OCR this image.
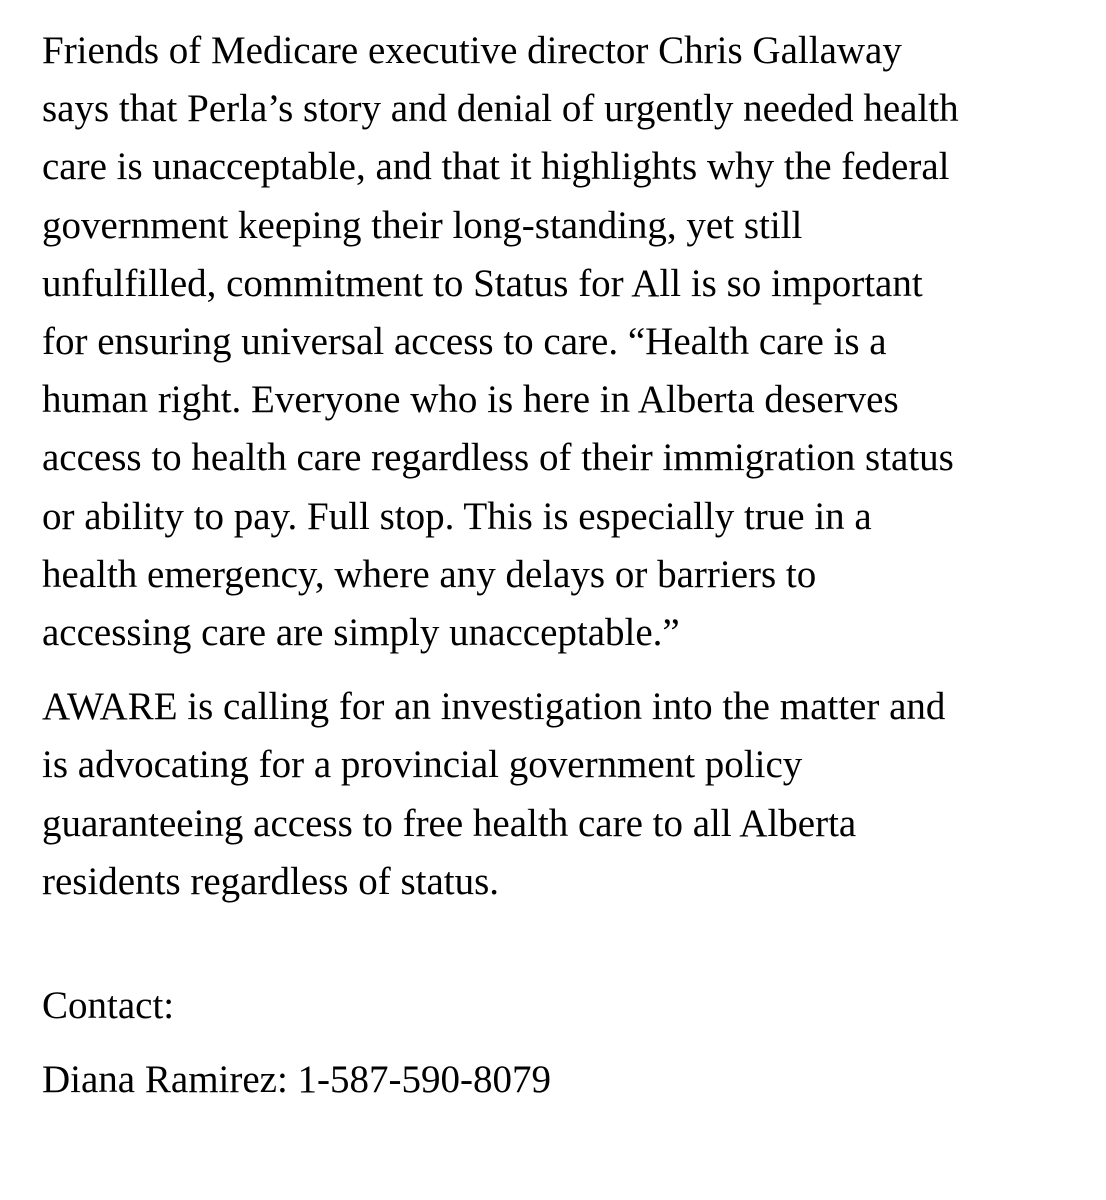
Friends of Medicare executive director Chris Gallaway
says that Perla’s story and denial of urgently needed health
care is unacceptable, and that it highlights why the federal
government keeping their long-standing, yet still
unfulfilled, commitment to Status for All is so important
for ensuring universal access to care. “Health care is a
human right. Everyone who is here in Alberta deserves
access to health care regardless of their immigration status
or ability to pay. Full stop. This is especially true in a
health emergency, where any delays or barriers to
accessing care are simply unacceptable.”

AWARE is calling for an investigation into the matter and
is advocating for a provincial government policy
guaranteeing access to free health care to all Alberta
residents regardless of status.

Contact:

Diana Ramirez: 1-587-590-8079
